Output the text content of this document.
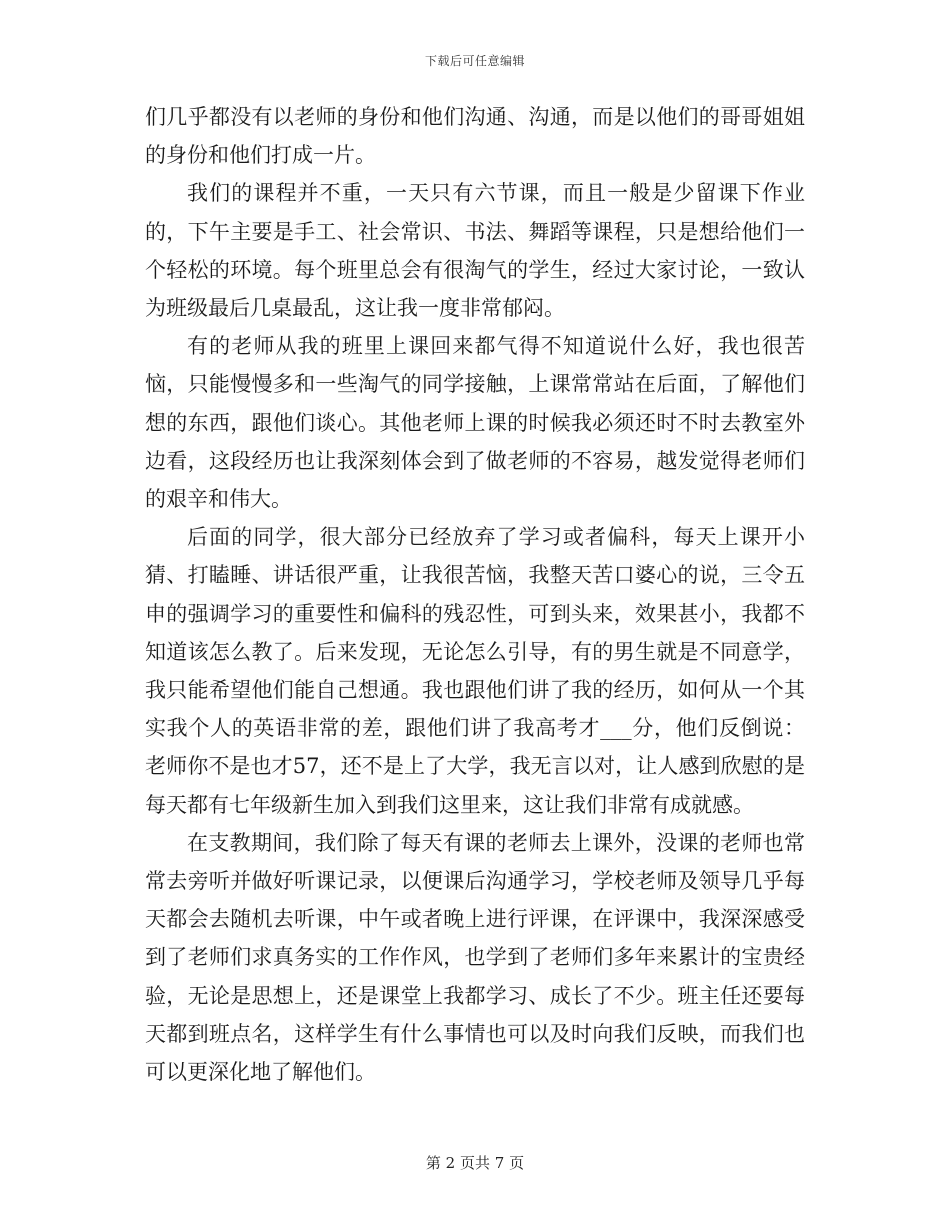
下载后可任意编辑

们几乎都没有以老师的身份和他们沟通、沟通，而是以他们的哥哥姐姐的身份和他们打成一片。

我们的课程并不重，一天只有六节课，而且一般是少留课下作业的，下午主要是手工、社会常识、书法、舞蹈等课程，只是想给他们一个轻松的环境。每个班里总会有很淘气的学生，经过大家讨论，一致认为班级最后几桌最乱，这让我一度非常郁闷。

有的老师从我的班里上课回来都气得不知道说什么好，我也很苦恼，只能慢慢多和一些淘气的同学接触，上课常常站在后面，了解他们想的东西，跟他们谈心。其他老师上课的时候我必须还时不时去教室外边看，这段经历也让我深刻体会到了做老师的不容易，越发觉得老师们的艰辛和伟大。

后面的同学，很大部分已经放弃了学习或者偏科，每天上课开小猜、打瞌睡、讲话很严重，让我很苦恼，我整天苦口婆心的说，三令五申的强调学习的重要性和偏科的残忍性，可到头来，效果甚小，我都不知道该怎么教了。后来发现，无论怎么引导，有的男生就是不同意学，我只能希望他们能自己想通。我也跟他们讲了我的经历，如何从一个其实我个人的英语非常的差，跟他们讲了我高考才___分，他们反倒说：老师你不是也才57，还不是上了大学，我无言以对，让人感到欣慰的是每天都有七年级新生加入到我们这里来，这让我们非常有成就感。

在支教期间，我们除了每天有课的老师去上课外，没课的老师也常常去旁听并做好听课记录，以便课后沟通学习，学校老师及领导几乎每天都会去随机去听课，中午或者晚上进行评课，在评课中，我深深感受到了老师们求真务实的工作作风，也学到了老师们多年来累计的宝贵经验，无论是思想上，还是课堂上我都学习、成长了不少。班主任还要每天都到班点名，这样学生有什么事情也可以及时向我们反映，而我们也可以更深化地了解他们。

第 2 页共 7 页
